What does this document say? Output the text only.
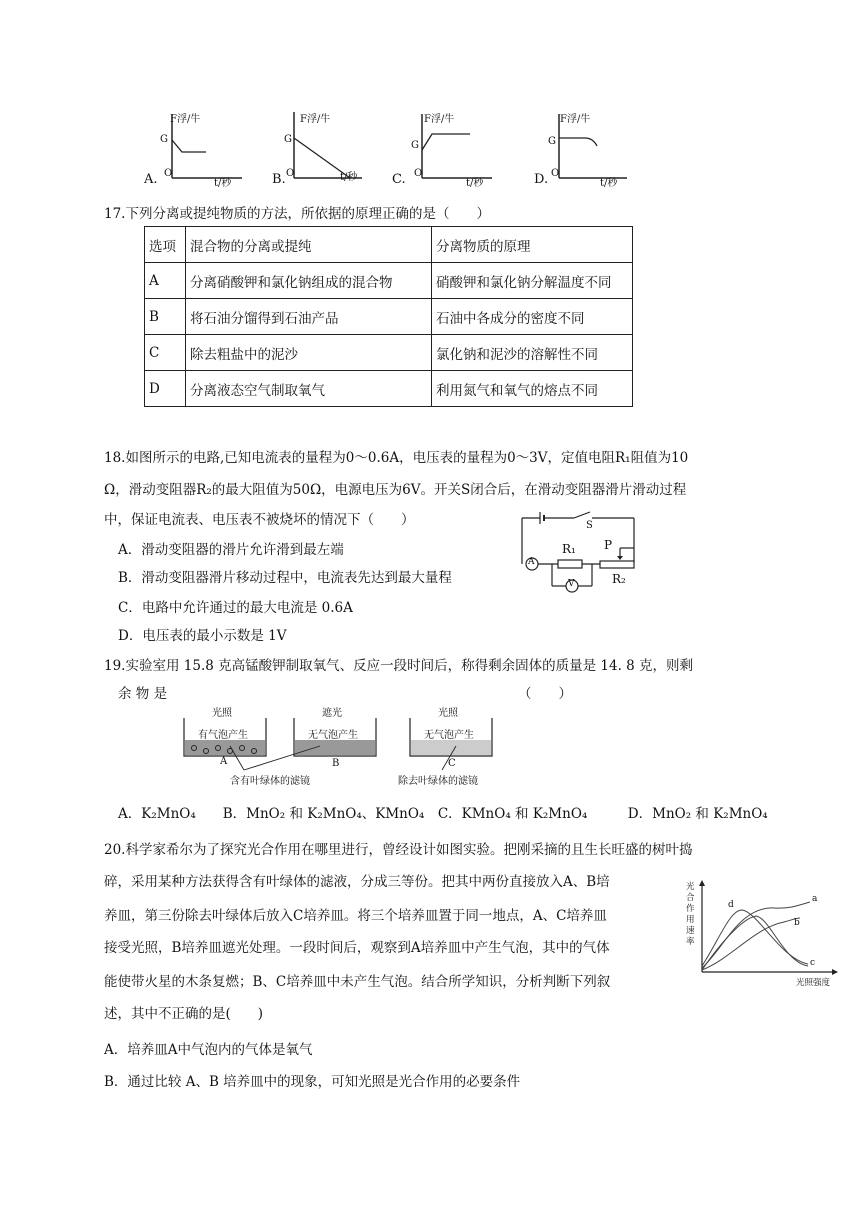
F浮/牛
G
O
t/秒
A.
F浮/牛
G
O	t/秒
B.
F浮/牛
G
O
t/秒
C.
F浮/牛
G
O
t/秒
D.
17.下列分离或提纯物质的方法，所依据的原理正确的是（　　）
选项	混合物的分离或提纯	分离物质的原理
A	分离硝酸钾和氯化钠组成的混合物	硝酸钾和氯化钠分解温度不同
B	将石油分馏得到石油产品	石油中各成分的密度不同
C	除去粗盐中的泥沙	氯化钠和泥沙的溶解性不同
D	分离液态空气制取氧气	利用氮气和氧气的熔点不同
18.如图所示的电路,已知电流表的量程为0～0.6A，电压表的量程为0～3V，定值电阻R₁阻值为10
Ω，滑动变阻器R₂的最大阻值为50Ω，电源电压为6V。开关S闭合后，在滑动变阻器滑片滑动过程
中，保证电流表、电压表不被烧坏的情况下（　　）
A．滑动变阻器的滑片允许滑到最左端
B．滑动变阻器滑片移动过程中，电流表先达到最大量程
C．电路中允许通过的最大电流是 0.6A
D．电压表的最小示数是 1V
A
V
S
R₁ P
R₂
19.实验室用 15.8 克高锰酸钾制取氧气、反应一段时间后，称得剩余固体的质量是 14. 8 克，则剩
余 物 是	（　　）
光照	遮光	光照
有气泡产生	无气泡产生	无气泡产生
A	B	C
含有叶绿体的滤镜	除去叶绿体的滤镜
A．K₂MnO₄　　B．MnO₂ 和 K₂MnO₄、KMnO₄　C．KMnO₄ 和 K₂MnO₄　　　D．MnO₂ 和 K₂MnO₄
20.科学家希尔为了探究光合作用在哪里进行，曾经设计如图实验。把刚采摘的且生长旺盛的树叶捣
碎，采用某种方法获得含有叶绿体的滤液，分成三等份。把其中两份直接放入A、B培
养皿，第三份除去叶绿体后放入C培养皿。将三个培养皿置于同一地点，A、C培养皿
接受光照，B培养皿遮光处理。一段时间后，观察到A培养皿中产生气泡，其中的气体
能使带火星的木条复燃；B、C培养皿中未产生气泡。结合所学知识，分析判断下列叙
述，其中不正确的是(　　)
A．培养皿A中气泡内的气体是氧气
B．通过比较 A、B 培养皿中的现象，可知光照是光合作用的必要条件
光合作用速率
光照强度
a
b
c
d
